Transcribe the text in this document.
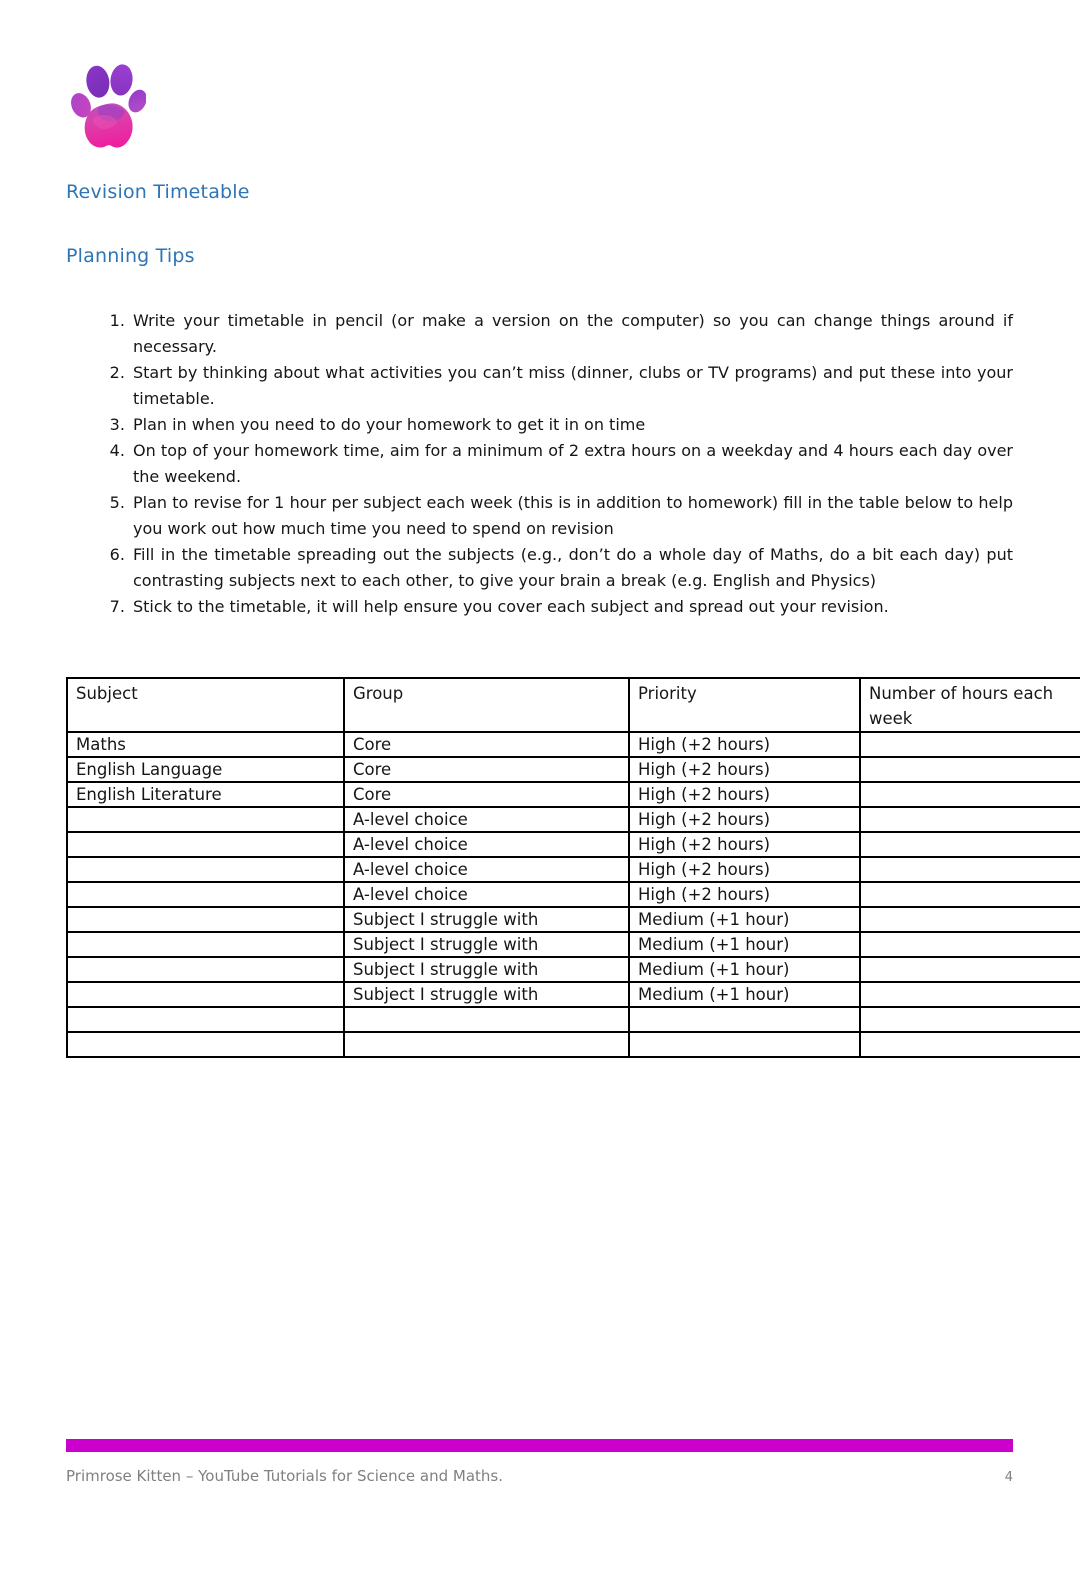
Revision Timetable
Planning Tips
1. Write your timetable in pencil (or make a version on the computer) so you can change things around if necessary.
2. Start by thinking about what activities you can’t miss (dinner, clubs or TV programs) and put these into your timetable.
3. Plan in when you need to do your homework to get it in on time
4. On top of your homework time, aim for a minimum of 2 extra hours on a weekday and 4 hours each day over the weekend.
5. Plan to revise for 1 hour per subject each week (this is in addition to homework) fill in the table below to help you work out how much time you need to spend on revision
6. Fill in the timetable spreading out the subjects (e.g., don’t do a whole day of Maths, do a bit each day) put contrasting subjects next to each other, to give your brain a break (e.g. English and Physics)
7. Stick to the timetable, it will help ensure you cover each subject and spread out your revision.
Subject	Group	Priority	Number of hours each week
Maths	Core	High (+2 hours)	
English Language	Core	High (+2 hours)	
English Literature	Core	High (+2 hours)	
	A-level choice	High (+2 hours)	
	A-level choice	High (+2 hours)	
	A-level choice	High (+2 hours)	
	A-level choice	High (+2 hours)	
	Subject I struggle with	Medium (+1 hour)	
	Subject I struggle with	Medium (+1 hour)	
	Subject I struggle with	Medium (+1 hour)	
	Subject I struggle with	Medium (+1 hour)	

Primrose Kitten – YouTube Tutorials for Science and Maths.	4
